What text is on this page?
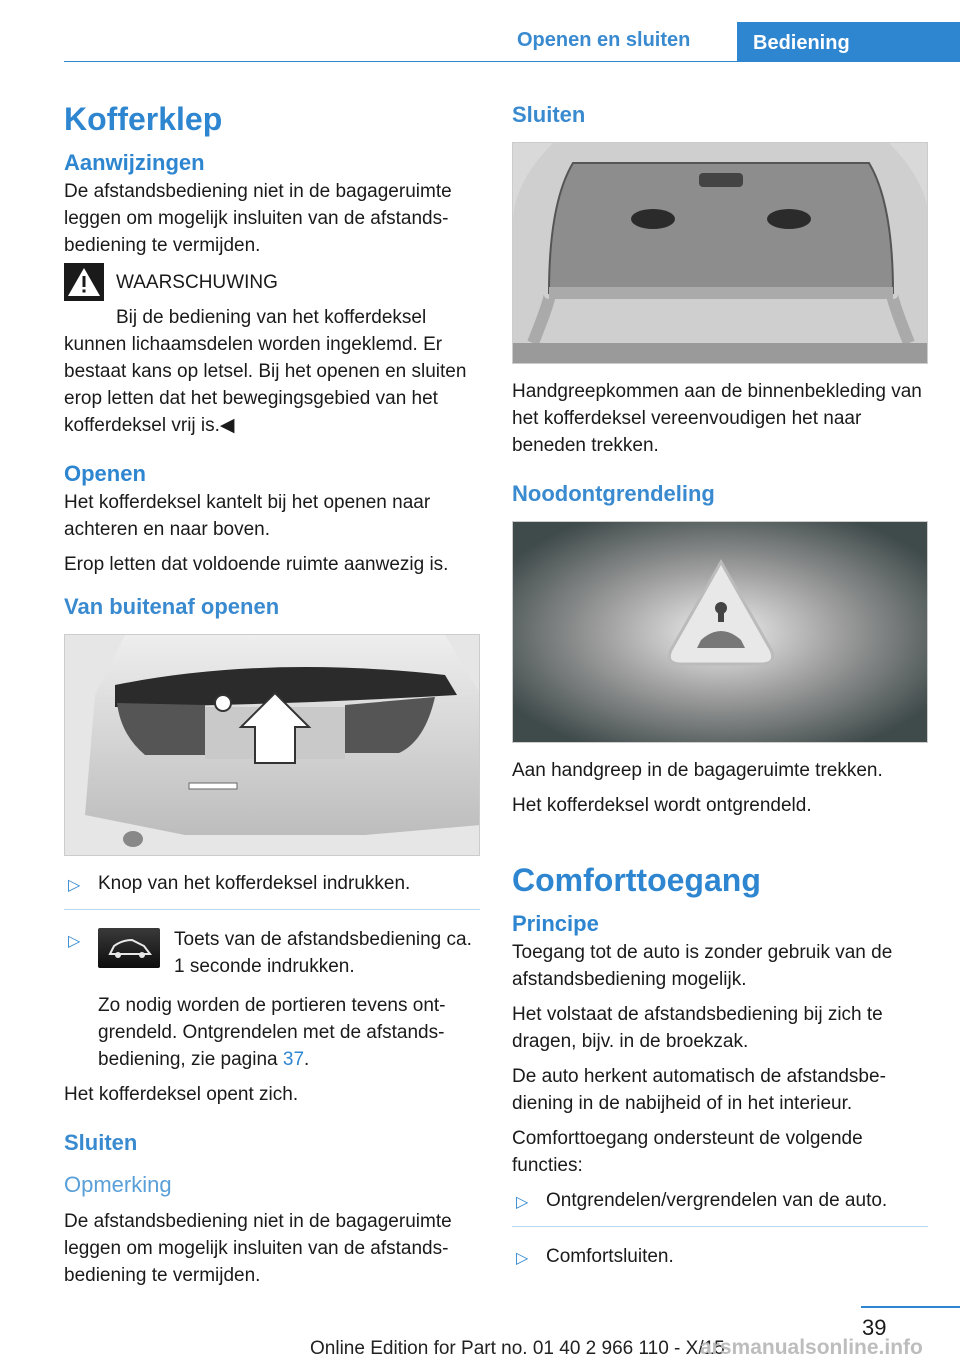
Openen en sluiten	Bediening
Kofferklep
Aanwijzingen

De afstandsbediening niet in de bagageruimte leggen om mogelijk insluiten van de afstandsbediening te vermijden.

WAARSCHUWING

Bij de bediening van het kofferdeksel kunnen lichaamsdelen worden ingeklemd. Er bestaat kans op letsel. Bij het openen en sluiten erop letten dat het bewegingsgebied van het kofferdeksel vrij is.◀

Openen

Het kofferdeksel kantelt bij het openen naar achteren en naar boven.

Erop letten dat voldoende ruimte aanwezig is.

Van buitenaf openen
▷ Knop van het kofferdeksel indrukken.
▷	Toets van de afstandsbediening ca. 1 seconde indrukken.

Zo nodig worden de portieren tevens ontgrendeld. Ontgrendelen met de afstandsbediening, zie pagina 37.

Het kofferdeksel opent zich.

Sluiten
Opmerking

De afstandsbediening niet in de bagageruimte leggen om mogelijk insluiten van de afstandsbediening te vermijden.

Sluiten

Handgreepkommen aan de binnenbekleding van het kofferdeksel vereenvoudigen het naar beneden trekken.

Noodontgrendeling

Aan handgreep in de bagageruimte trekken.

Het kofferdeksel wordt ontgrendeld.

Comforttoegang
Principe

Toegang tot de auto is zonder gebruik van de afstandsbediening mogelijk.

Het volstaat de afstandsbediening bij zich te dragen, bijv. in de broekzak.

De auto herkent automatisch de afstandsbediening in de nabijheid of in het interieur.

Comforttoegang ondersteunt de volgende functies:

▷ Ontgrendelen/vergrendelen van de auto.
▷ Comfortsluiten.
39
Online Edition for Part no. 01 40 2 966 110 - X/15
arsmanualsonline.info
